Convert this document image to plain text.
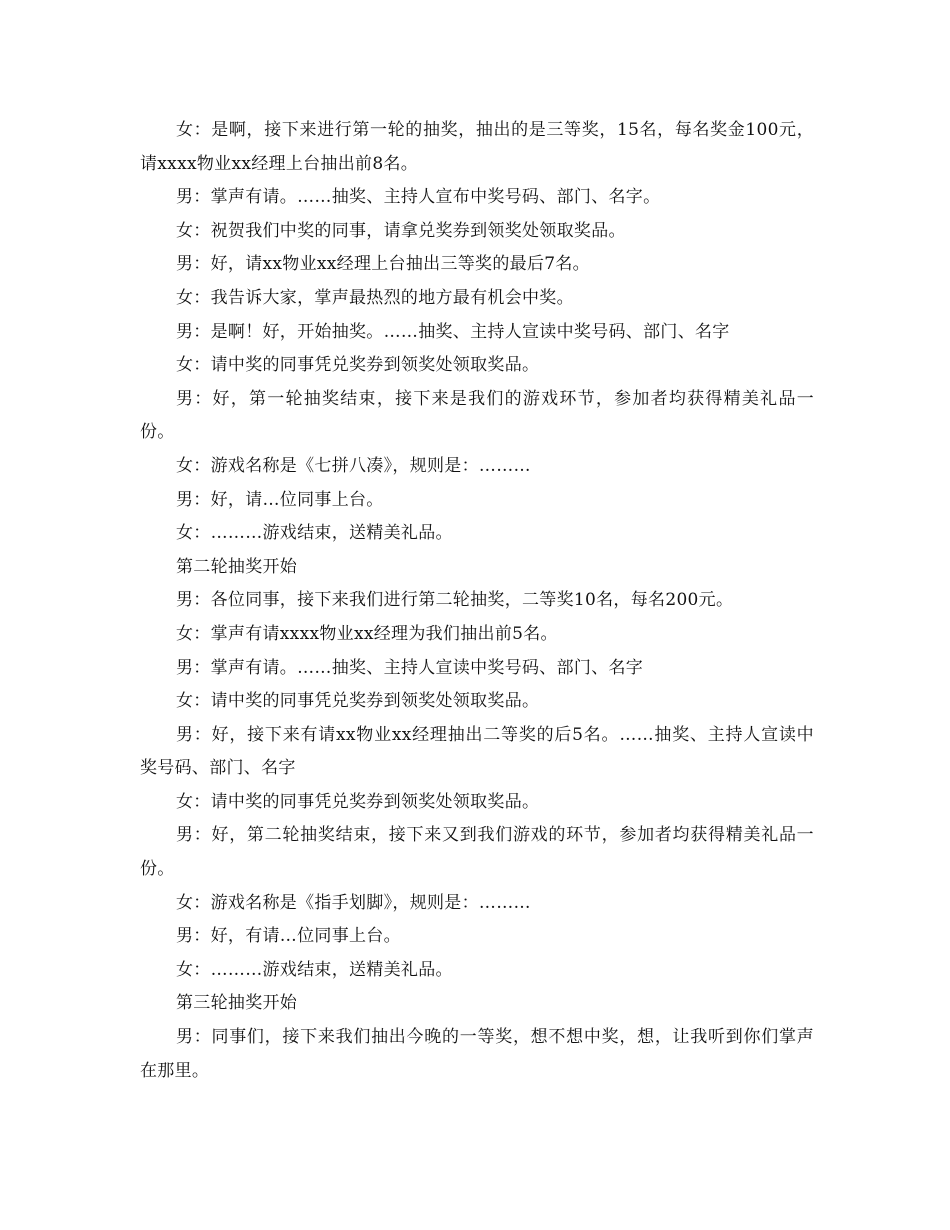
女：是啊，接下来进行第一轮的抽奖，抽出的是三等奖，15名，每名奖金100元，请xxxx物业xx经理上台抽出前8名。

男：掌声有请。……抽奖、主持人宣布中奖号码、部门、名字。

女：祝贺我们中奖的同事，请拿兑奖券到领奖处领取奖品。

男：好，请xx物业xx经理上台抽出三等奖的最后7名。

女：我告诉大家，掌声最热烈的地方最有机会中奖。

男：是啊！好，开始抽奖。……抽奖、主持人宣读中奖号码、部门、名字

女：请中奖的同事凭兑奖券到领奖处领取奖品。

男：好，第一轮抽奖结束，接下来是我们的游戏环节，参加者均获得精美礼品一份。

女：游戏名称是《七拼八凑》，规则是：………

男：好，请…位同事上台。

女：………游戏结束，送精美礼品。

第二轮抽奖开始

男：各位同事，接下来我们进行第二轮抽奖，二等奖10名，每名200元。

女：掌声有请xxxx物业xx经理为我们抽出前5名。

男：掌声有请。……抽奖、主持人宣读中奖号码、部门、名字

女：请中奖的同事凭兑奖券到领奖处领取奖品。

男：好，接下来有请xx物业xx经理抽出二等奖的后5名。……抽奖、主持人宣读中奖号码、部门、名字

女：请中奖的同事凭兑奖券到领奖处领取奖品。

男：好，第二轮抽奖结束，接下来又到我们游戏的环节，参加者均获得精美礼品一份。

女：游戏名称是《指手划脚》，规则是：………

男：好，有请…位同事上台。

女：………游戏结束，送精美礼品。

第三轮抽奖开始

男：同事们，接下来我们抽出今晚的一等奖，想不想中奖，想，让我听到你们掌声在那里。
